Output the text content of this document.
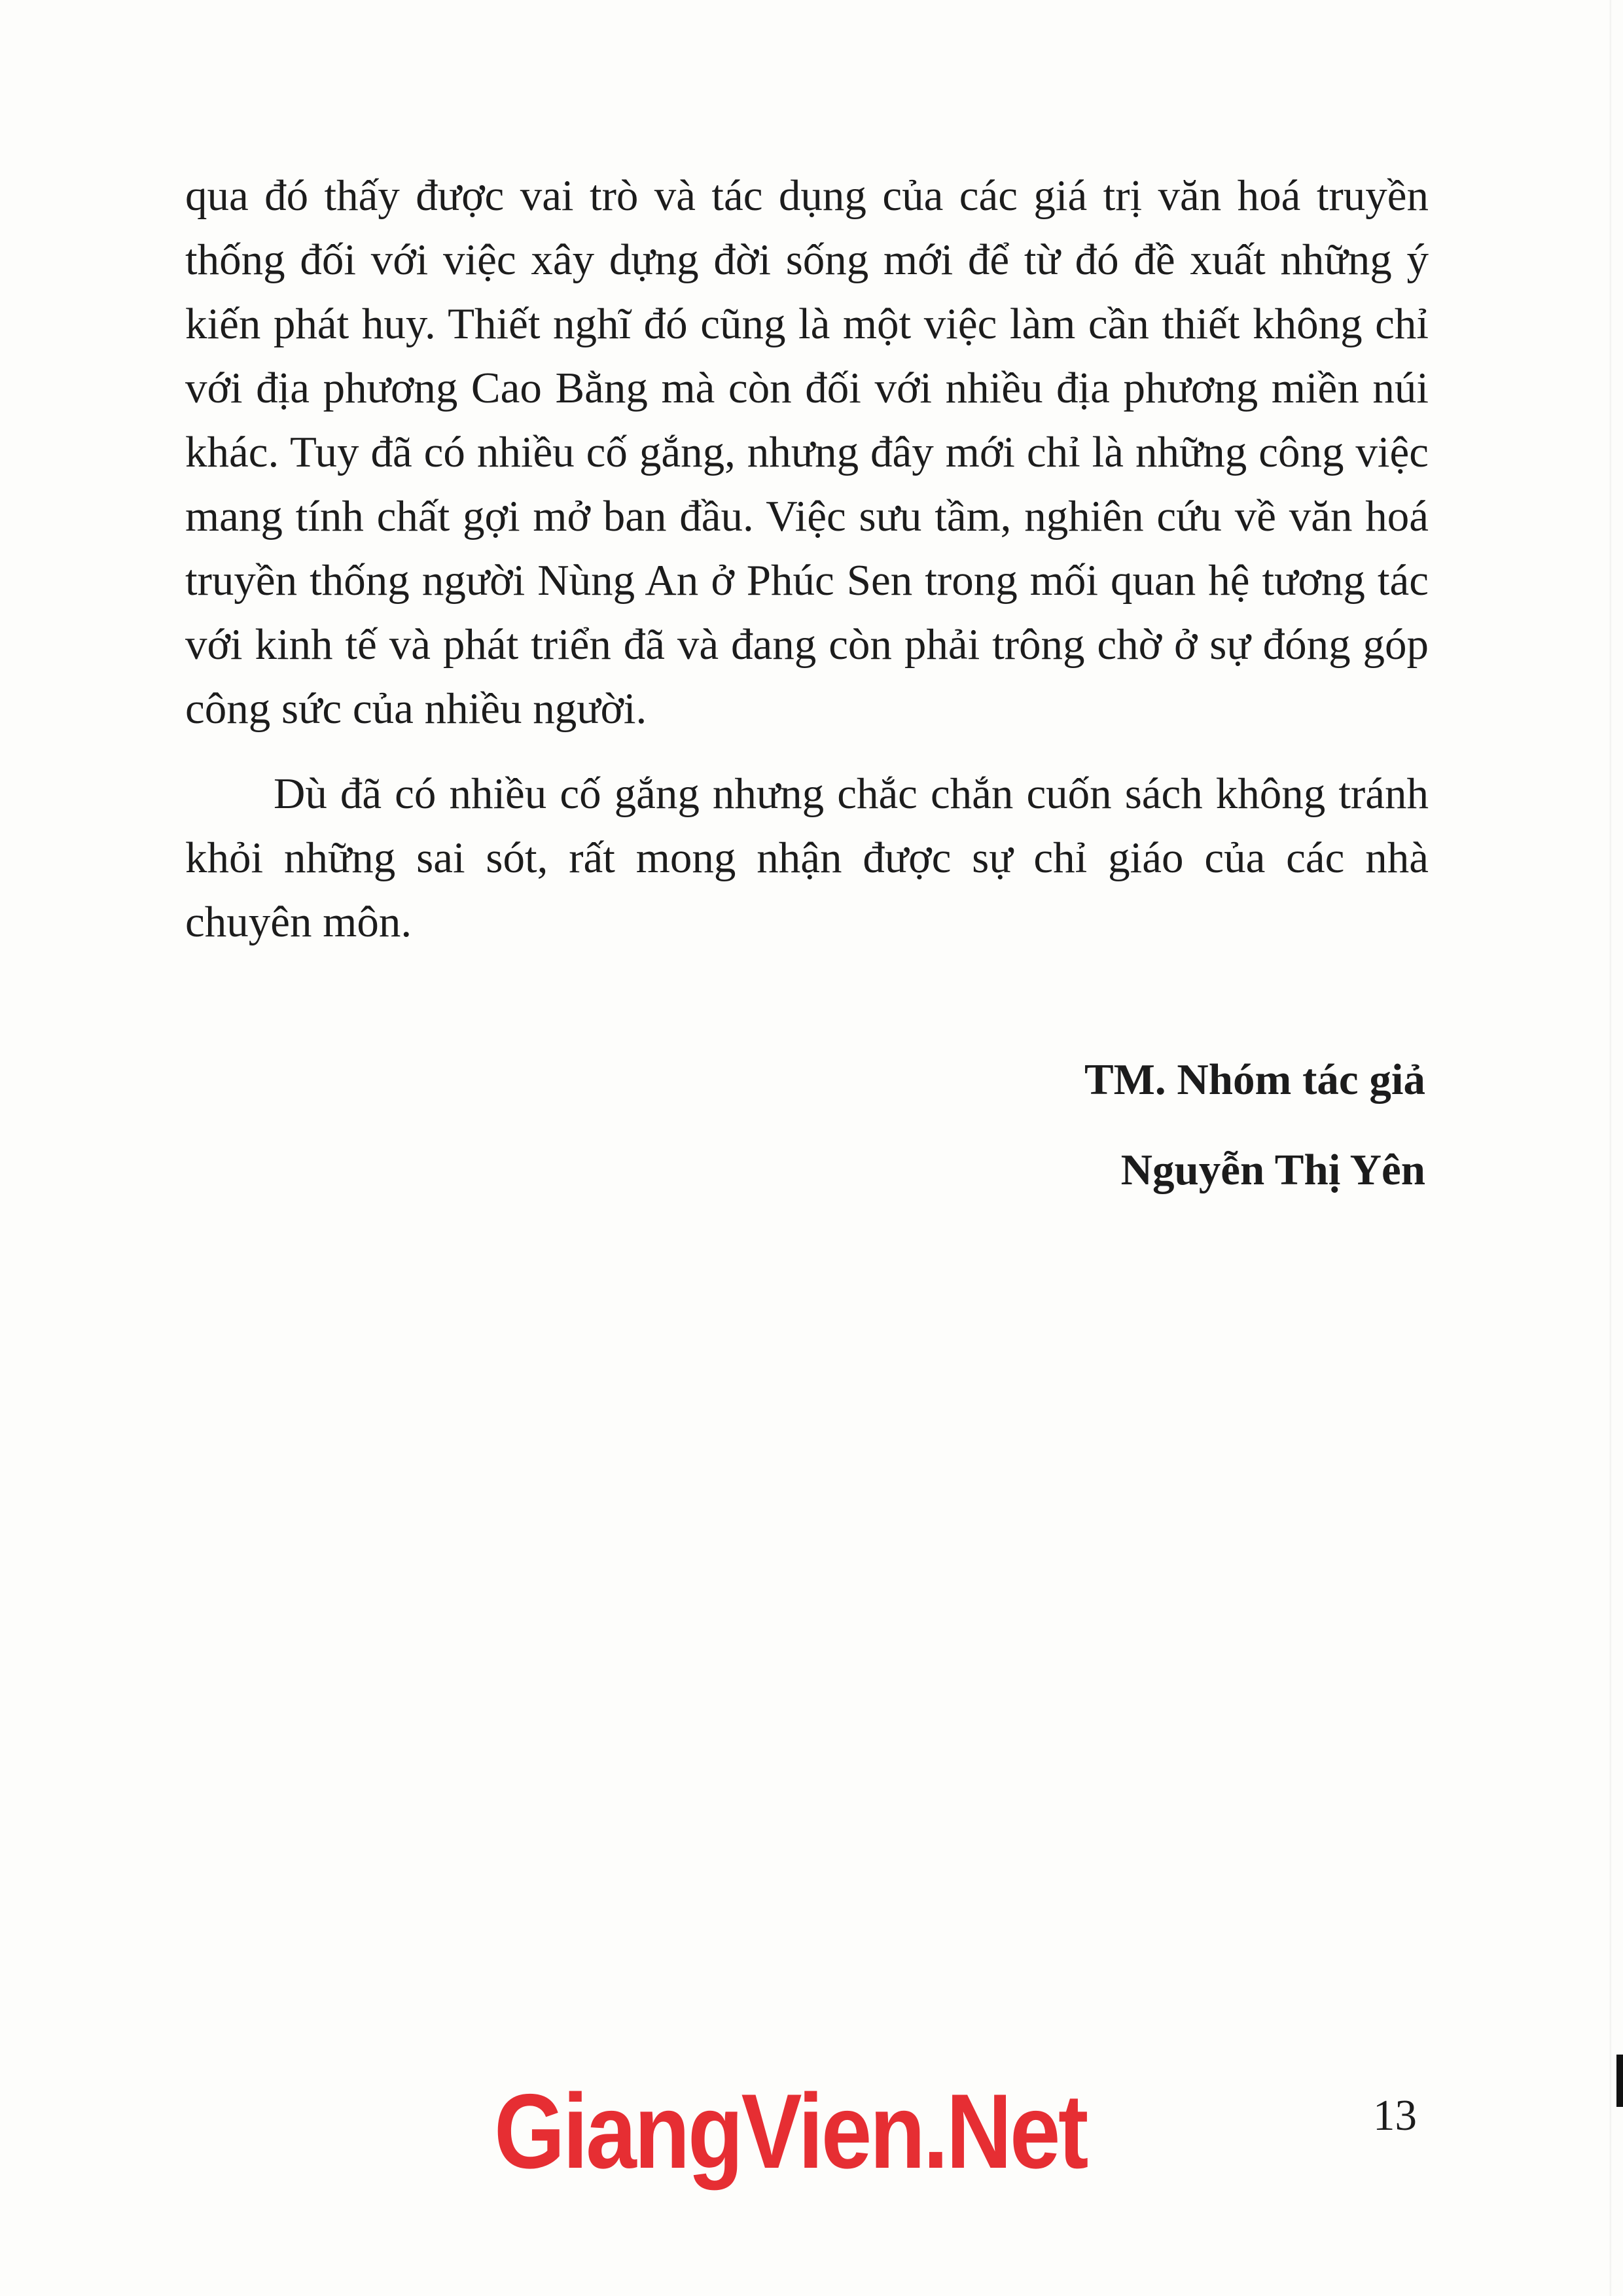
qua đó thấy được vai trò và tác dụng của các giá trị văn hoá truyền thống đối với việc xây dựng đời sống mới để từ đó đề xuất những ý kiến phát huy. Thiết nghĩ đó cũng là một việc làm cần thiết không chỉ với địa phương Cao Bằng mà còn đối với nhiều địa phương miền núi khác. Tuy đã có nhiều cố gắng, nhưng đây mới chỉ là những công việc mang tính chất gợi mở ban đầu. Việc sưu tầm, nghiên cứu về văn hoá truyền thống người Nùng An ở Phúc Sen trong mối quan hệ tương tác với kinh tế và phát triển đã và đang còn phải trông chờ ở sự đóng góp công sức của nhiều người.

Dù đã có nhiều cố gắng nhưng chắc chắn cuốn sách không tránh khỏi những sai sót, rất mong nhận được sự chỉ giáo của các nhà chuyên môn.

TM. Nhóm tác giả
Nguyễn Thị Yên
GiangVien.Net	13
